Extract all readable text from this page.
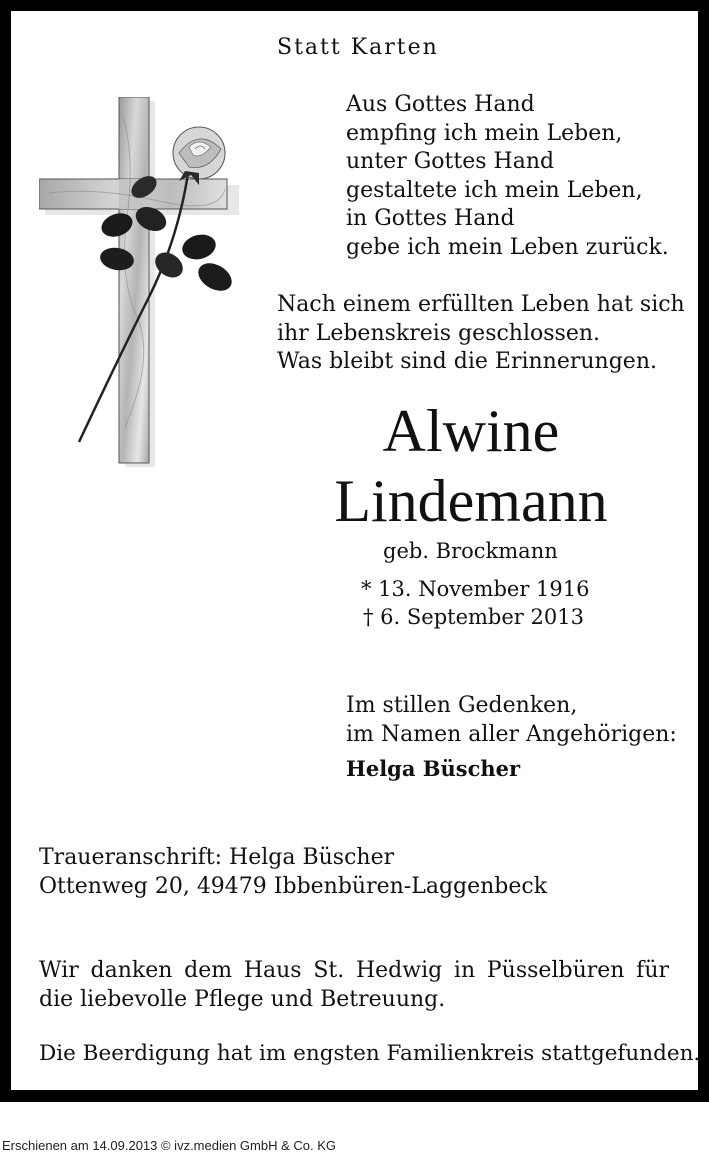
Statt Karten
Aus Gottes Hand
empfing ich mein Leben,
unter Gottes Hand
gestaltete ich mein Leben,
in Gottes Hand
gebe ich mein Leben zurück.
Nach einem erfüllten Leben hat sich
ihr Lebenskreis geschlossen.
Was bleibt sind die Erinnerungen.
Alwine
Lindemann
geb. Brockmann
* 13. November 1916
† 6. September 2013
Im stillen Gedenken,
im Namen aller Angehörigen:
Helga Büscher
Traueranschrift: Helga Büscher
Ottenweg 20, 49479 Ibbenbüren-Laggenbeck
Wir danken dem Haus St. Hedwig in Püsselbüren für die liebevolle Pflege und Betreuung.
Die Beerdigung hat im engsten Familienkreis stattgefunden.
Erschienen am 14.09.2013 © ivz.medien GmbH & Co. KG
